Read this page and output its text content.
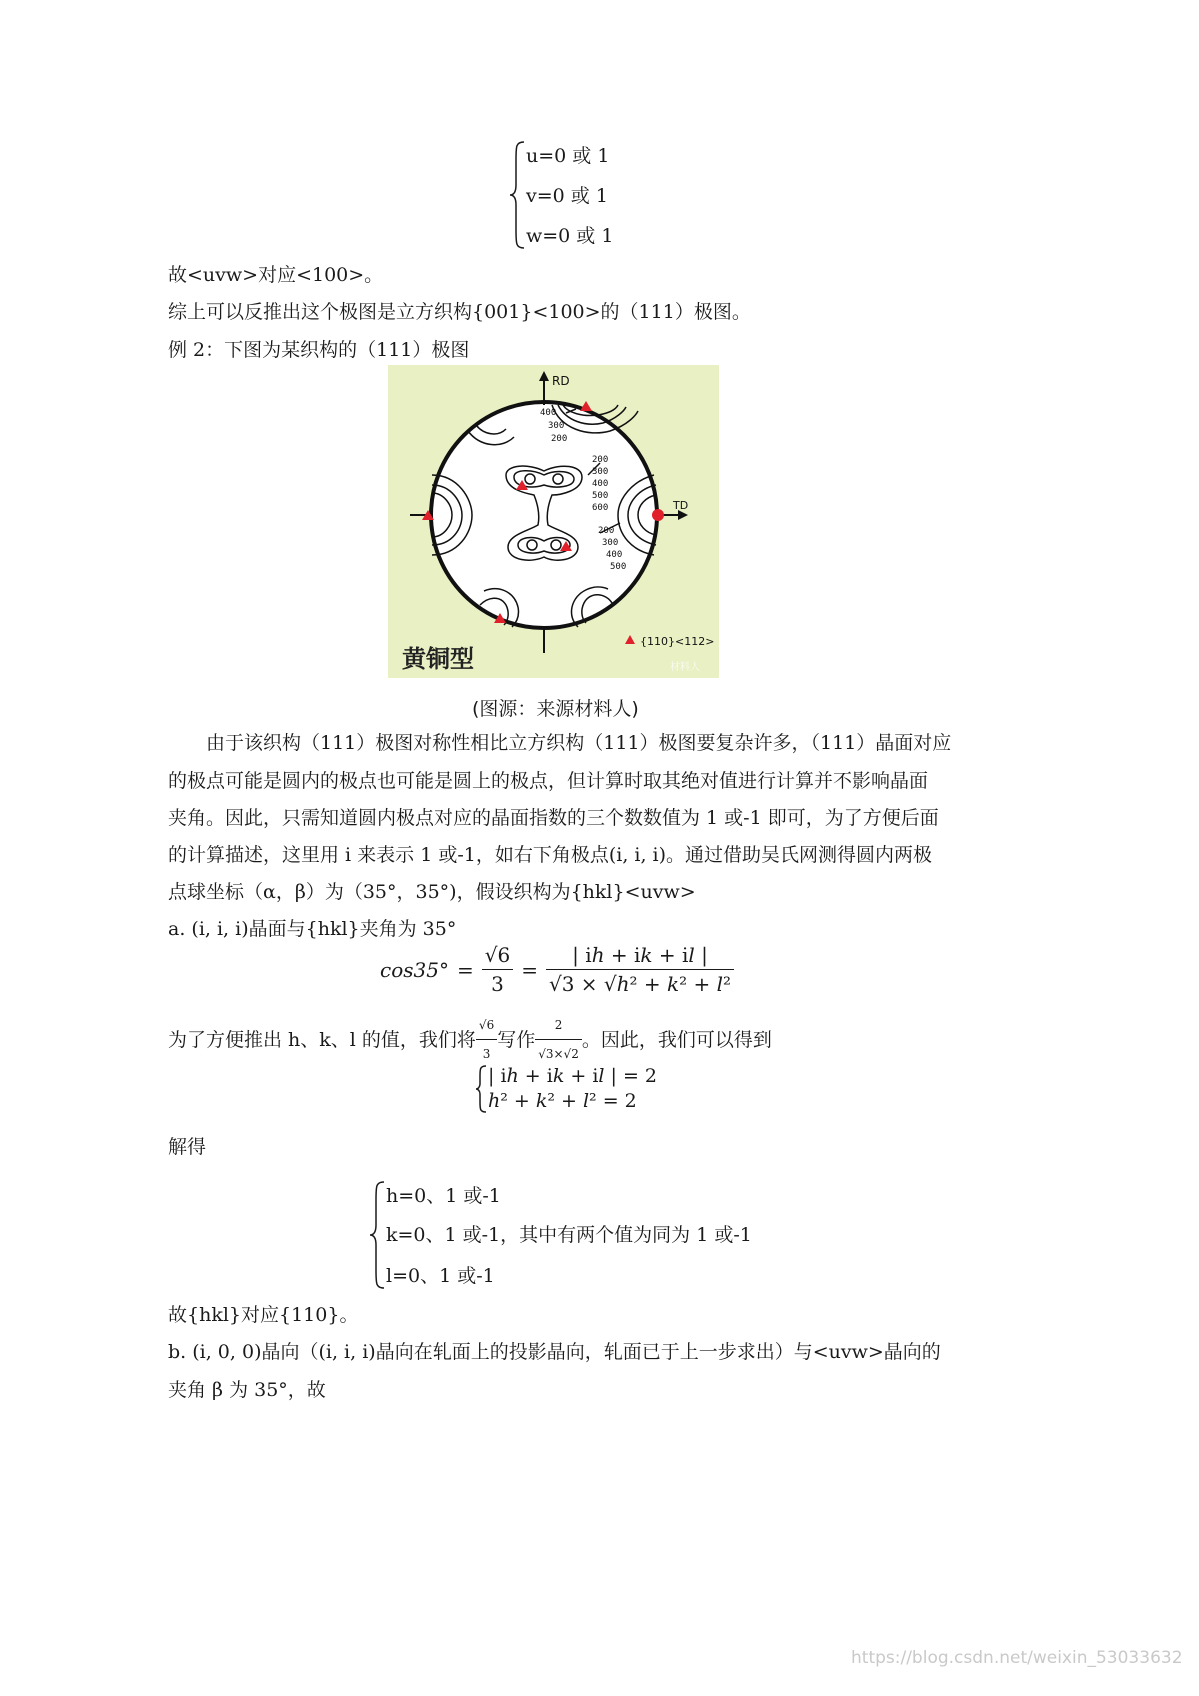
u=0 或 1
v=0 或 1
w=0 或 1
故<uvw>对应<100>。
综上可以反推出这个极图是立方织构{001}<100>的（111）极图。
例 2：下图为某织构的（111）极图
RD
TD
400
300
200
200
300
400
500
600
200
300
400
500
{110}<112>
黄铜型	材料人
(图源：来源材料人)
由于该织构（111）极图对称性相比立方织构（111）极图要复杂许多，（111）晶面对应
的极点可能是圆内的极点也可能是圆上的极点，但计算时取其绝对值进行计算并不影响晶面
夹角。因此，只需知道圆内极点对应的晶面指数的三个数数值为 1 或-1 即可，为了方便后面
的计算描述，这里用 i 来表示 1 或-1，如右下角极点(i, i, i)。通过借助吴氏网测得圆内两极
点球坐标（α，β）为（35°，35°)，假设织构为{hkl}<uvw>
a. (i, i, i)晶面与{hkl}夹角为 35°
$\cos 35^\circ = \frac{√6}{3} = \frac{\text{| iℎ + i𝑘 + i𝑙 |}}{\text{√3 × √ℎ² + 𝑘² + 𝑙²}}$
为了方便推出 h、k、l 的值，我们将 $\frac{√6}{3}$ 写作 $\frac{2}{√3\times√2}$ 。因此，我们可以得到
| iℎ + i𝑘 + i𝑙 | = 2
ℎ² + 𝑘² + 𝑙² = 2
解得
h=0、1 或-1
k=0、1 或-1，其中有两个值为同为 1 或-1
l=0、1 或-1
故{hkl}对应{110}。
b. (i, 0, 0)晶向（(i, i, i)晶向在轧面上的投影晶向，轧面已于上一步求出）与<uvw>晶向的
夹角 β 为 35°，故
https://blog.csdn.net/weixin_53033632
